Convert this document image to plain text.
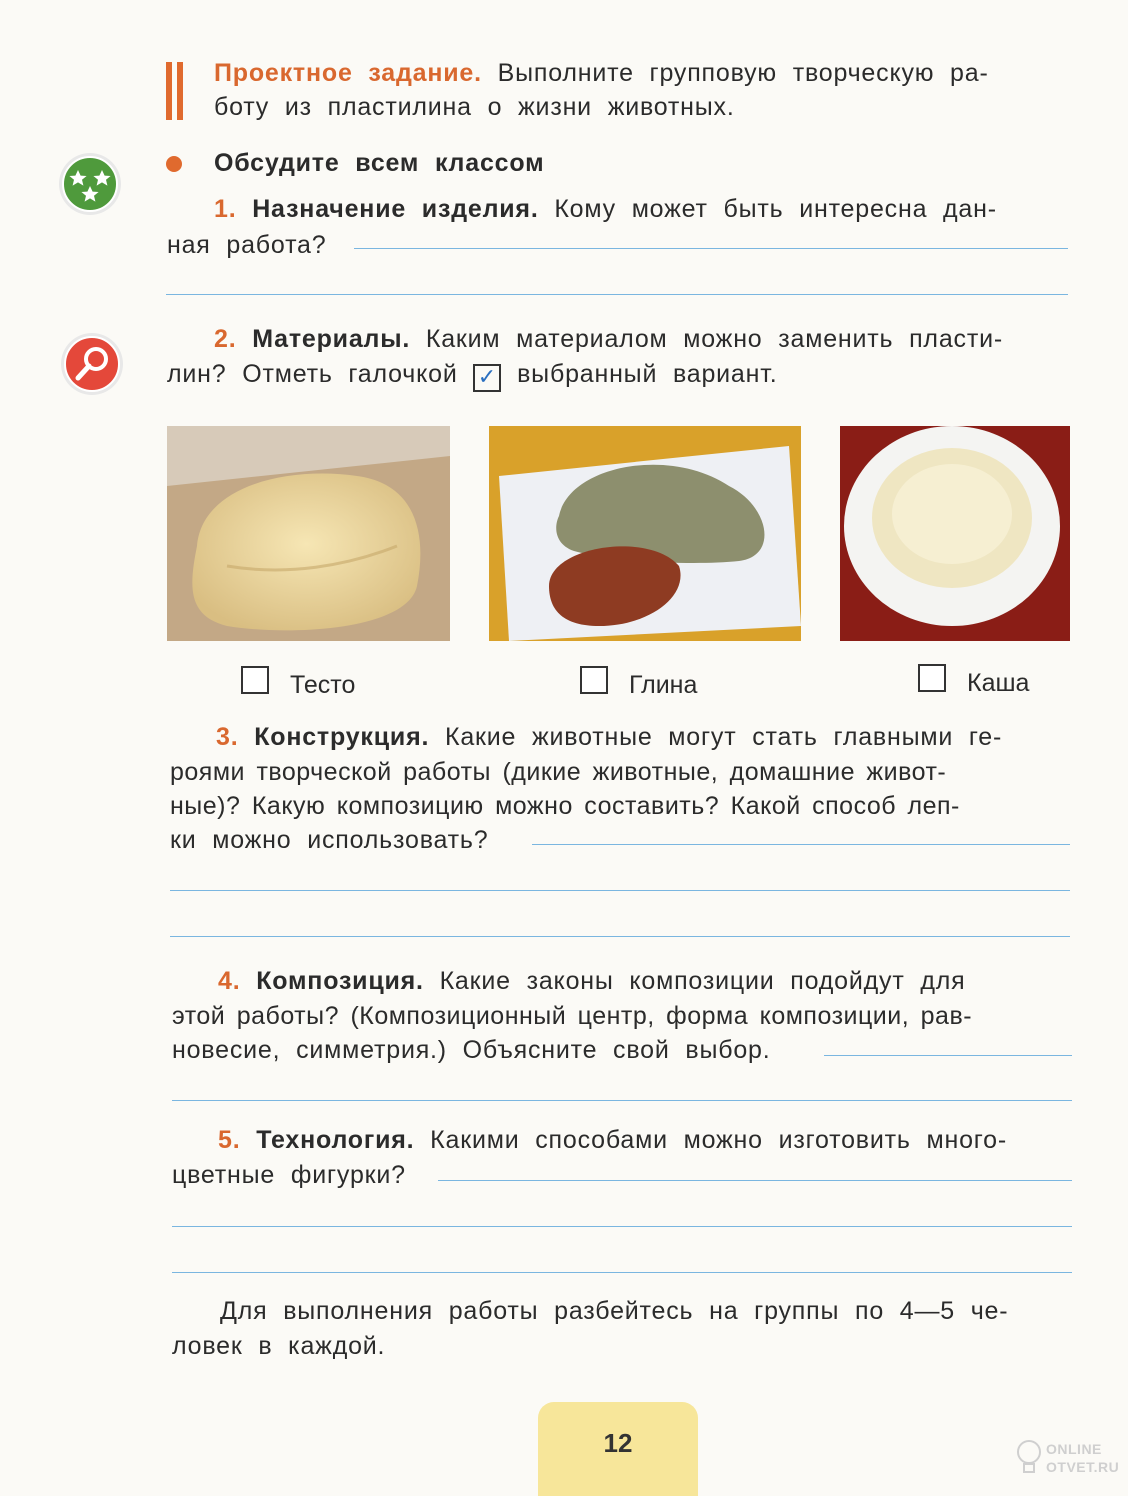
Проектное задание. Выполните групповую творческую ра-
боту из пластилина о жизни животных.
Обсудите всем классом
1. Назначение изделия. Кому может быть интересна дан-
ная работа?
2. Материалы. Каким материалом можно заменить пласти-
лин? Отметь галочкой ✓ выбранный вариант.
Тесто	Глина	Каша
3. Конструкция. Какие животные могут стать главными ге-
роями творческой работы (дикие животные, домашние живот-
ные)? Какую композицию можно составить? Какой способ леп-
ки можно использовать?
4. Композиция. Какие законы композиции подойдут для
этой работы? (Композиционный центр, форма композиции, рав-
новесие, симметрия.) Объясните свой выбор.
5. Технология. Какими способами можно изготовить много-
цветные фигурки?
Для выполнения работы разбейтесь на группы по 4—5 че-
ловек в каждой.
12	ONLINE
OTVET.RU
